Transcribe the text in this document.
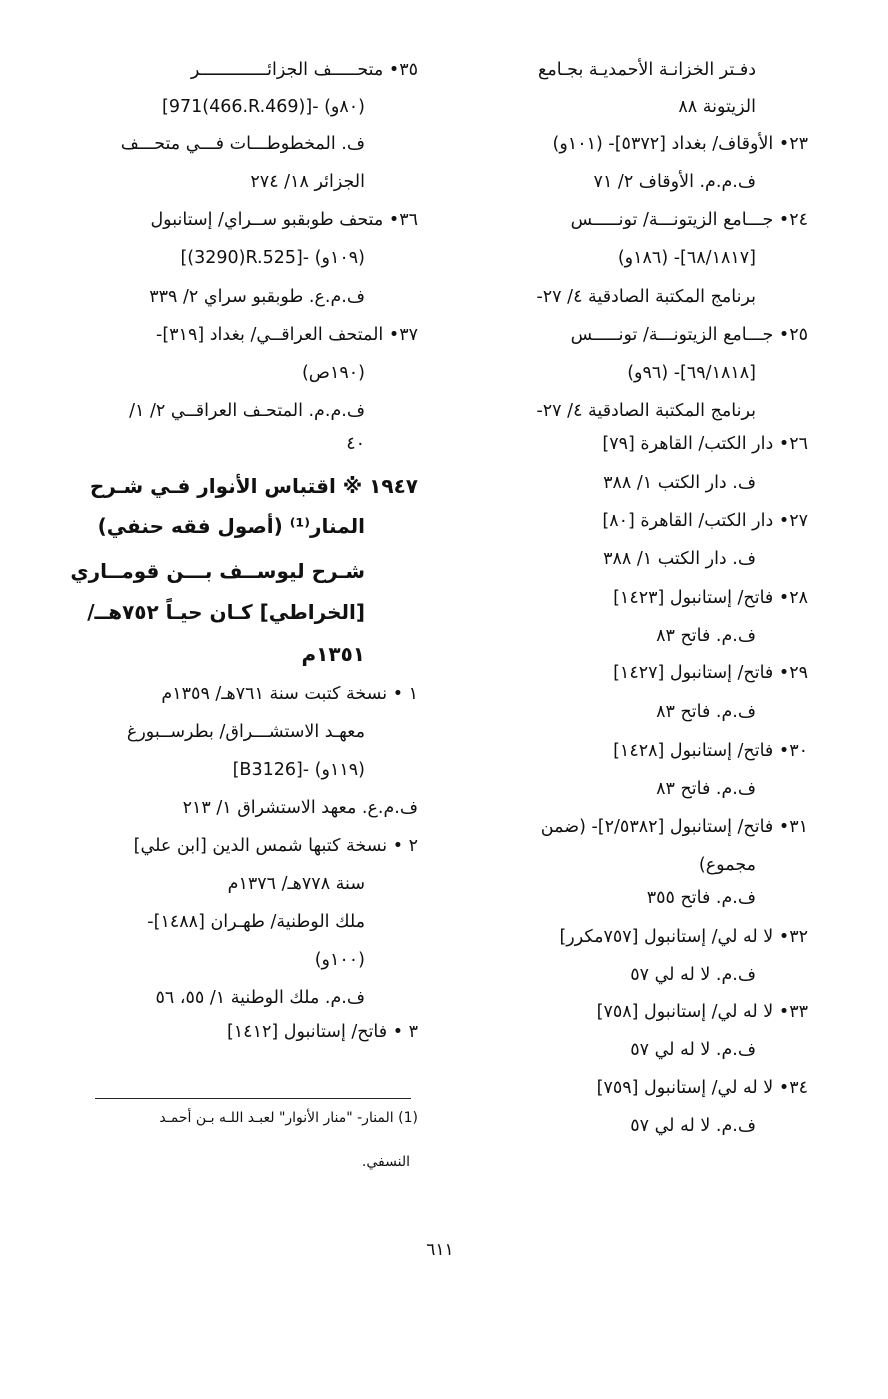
دفـتر الخزانـة الأحمديـة بجـامع
الزيتونة ٨٨
٢٣• الأوقاف/ بغداد [٥٣٧٢]- (١٠١و)
ف.م.م. الأوقاف ٢/ ٧١
٢٤• جـــامع الزيتونـــة/ تونـــــس
[٦٨/١٨١٧]- (١٨٦و)
برنامج المكتبة الصادقية ٤/ ٢٧-
٢٥• جـــامع الزيتونـــة/ تونـــــس
[٦٩/١٨١٨]- (٩٦و)
برنامج المكتبة الصادقية ٤/ ٢٧-
٢٦• دار الكتب/ القاهرة [٧٩]
ف. دار الكتب ١/ ٣٨٨
٢٧• دار الكتب/ القاهرة [٨٠]
ف. دار الكتب ١/ ٣٨٨
٢٨• فاتح/ إستانبول [١٤٢٣]
ف.م. فاتح ٨٣
٢٩• فاتح/ إستانبول [١٤٢٧]
ف.م. فاتح ٨٣
٣٠• فاتح/ إستانبول [١٤٢٨]
ف.م. فاتح ٨٣
٣١• فاتح/ إستانبول [٢/٥٣٨٢]- (ضمن
مجموع)
ف.م. فاتح ٣٥٥
٣٢• لا له لي/ إستانبول [٧٥٧مكرر]
ف.م. لا له لي ٥٧
٣٣• لا له لي/ إستانبول [٧٥٨]
ف.م. لا له لي ٥٧
٣٤• لا له لي/ إستانبول [٧٥٩]
ف.م. لا له لي ٥٧
٣٥• متحـــــف الجزائـــــــــــــر
[971(466.R.469)]- (٨٠و)
ف. المخطوطـــات فـــي متحـــف
الجزائر ١٨/ ٢٧٤
٣٦• متحف طوبقبو ســراي/ إستانبول
[(3290)R.525]- (١٠٩و)
ف.م.ع. طوبقبو سراي ٢/ ٣٣٩
٣٧• المتحف العراقــي/ بغداد [٣١٩]-
(١٩٠ص)
ف.م.م. المتحـف العراقــي ٢/ ١/
٤٠
١٩٤٧ ※ اقتباس الأنوار فـي شـرح
المنار⁽¹⁾ (أصول فقه حنفي)
شـرح ليوســف بـــن قومــاري
[الخراطي] كـان حيـاً ٧٥٢هــ/
١٣٥١م
١ • نسخة كتبت سنة ٧٦١هـ/ ١٣٥٩م
معهـد الاستشـــراق/ بطرســبورغ
[B3126]- (١١٩و)
ف.م.ع. معهد الاستشراق ١/ ٢١٣
٢ • نسخة كتبها شمس الدين [ابن علي]
سنة ٧٧٨هـ/ ١٣٧٦م
ملك الوطنية/ طهـران [١٤٨٨]-
(١٠٠و)
ف.م. ملك الوطنية ١/ ٥٥، ٥٦
٣ • فاتح/ إستانبول [١٤١٢]
(1) المنار- "منار الأنوار" لعبـد اللـه بـن أحمـد
النسفي.
٦١١
